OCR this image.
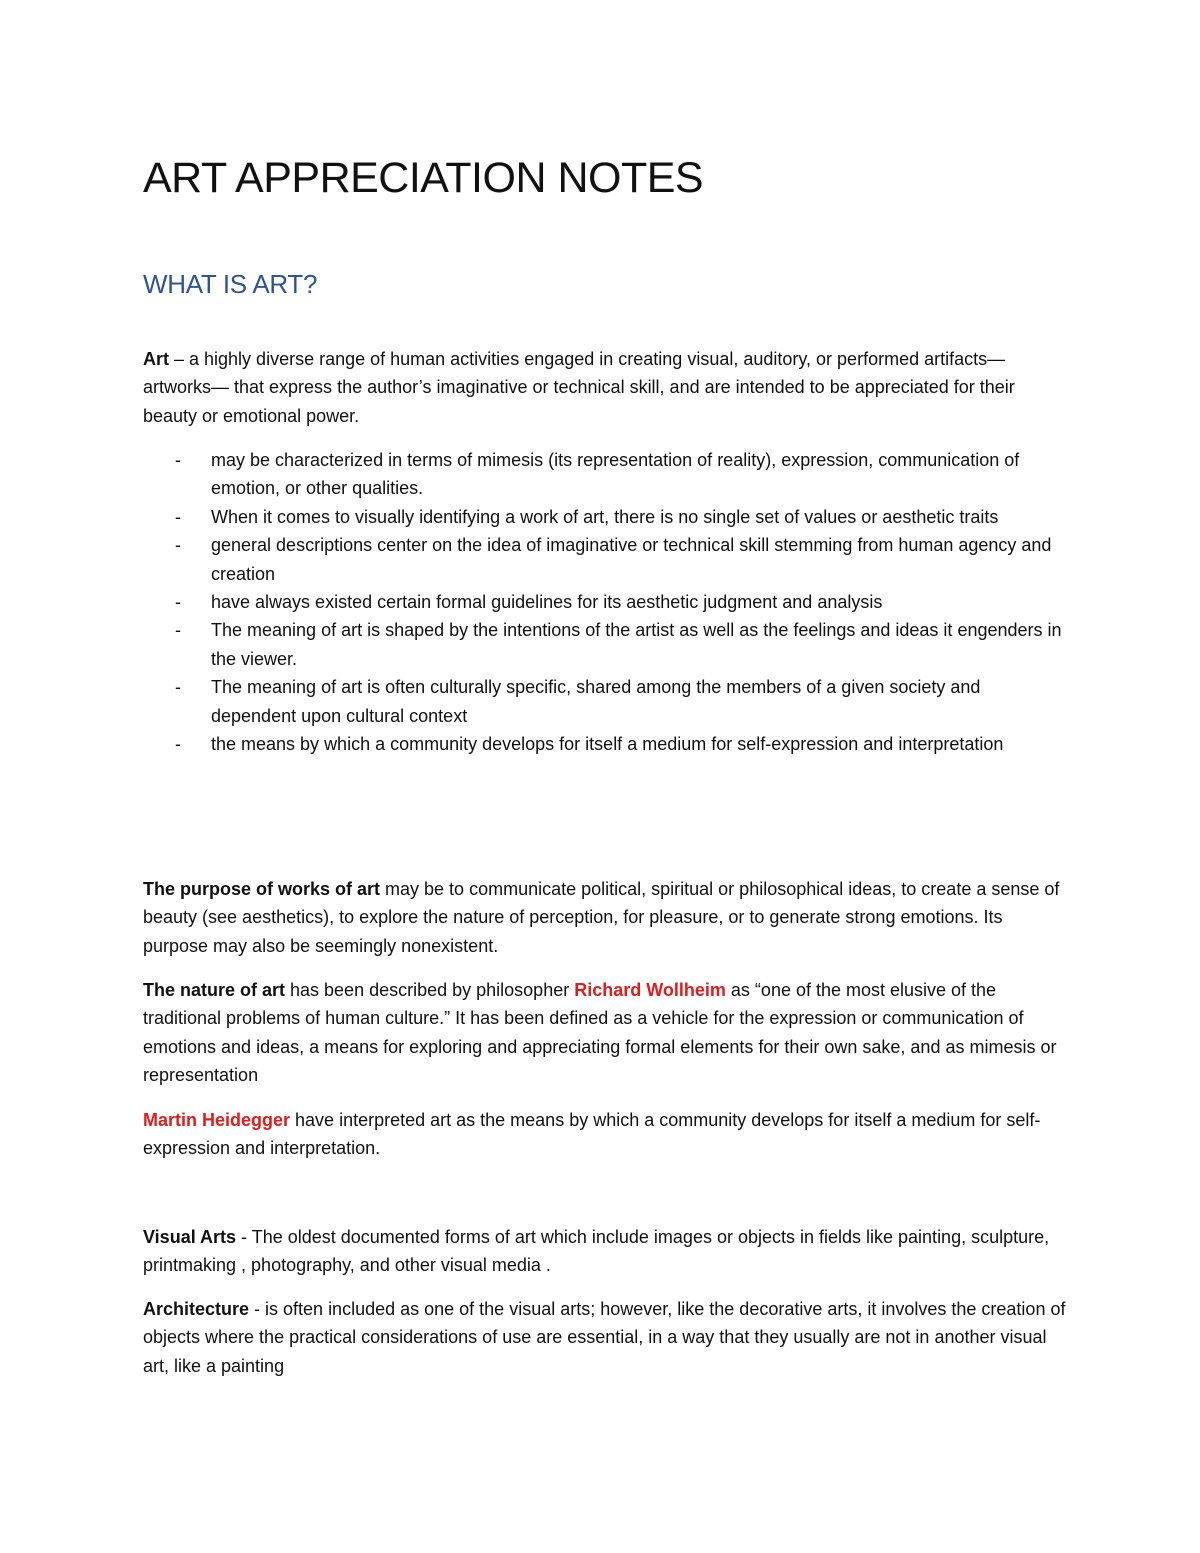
ART APPRECIATION NOTES
WHAT IS ART?

Art – a highly diverse range of human activities engaged in creating visual, auditory, or performed artifacts— artworks— that express the author’s imaginative or technical skill, and are intended to be appreciated for their beauty or emotional power.

- may be characterized in terms of mimesis (its representation of reality), expression, communication of emotion, or other qualities.
- When it comes to visually identifying a work of art, there is no single set of values or aesthetic traits
- general descriptions center on the idea of imaginative or technical skill stemming from human agency and creation
- have always existed certain formal guidelines for its aesthetic judgment and analysis
- The meaning of art is shaped by the intentions of the artist as well as the feelings and ideas it engenders in the viewer.
- The meaning of art is often culturally specific, shared among the members of a given society and dependent upon cultural context
- the means by which a community develops for itself a medium for self-expression and interpretation

The purpose of works of art may be to communicate political, spiritual or philosophical ideas, to create a sense of beauty (see aesthetics), to explore the nature of perception, for pleasure, or to generate strong emotions. Its purpose may also be seemingly nonexistent.

The nature of art has been described by philosopher Richard Wollheim as “one of the most elusive of the traditional problems of human culture.” It has been defined as a vehicle for the expression or communication of emotions and ideas, a means for exploring and appreciating formal elements for their own sake, and as mimesis or representation

Martin Heidegger have interpreted art as the means by which a community develops for itself a medium for self-expression and interpretation.

Visual Arts - The oldest documented forms of art which include images or objects in fields like painting, sculpture, printmaking , photography, and other visual media .

Architecture - is often included as one of the visual arts; however, like the decorative arts, it involves the creation of objects where the practical considerations of use are essential, in a way that they usually are not in another visual art, like a painting
